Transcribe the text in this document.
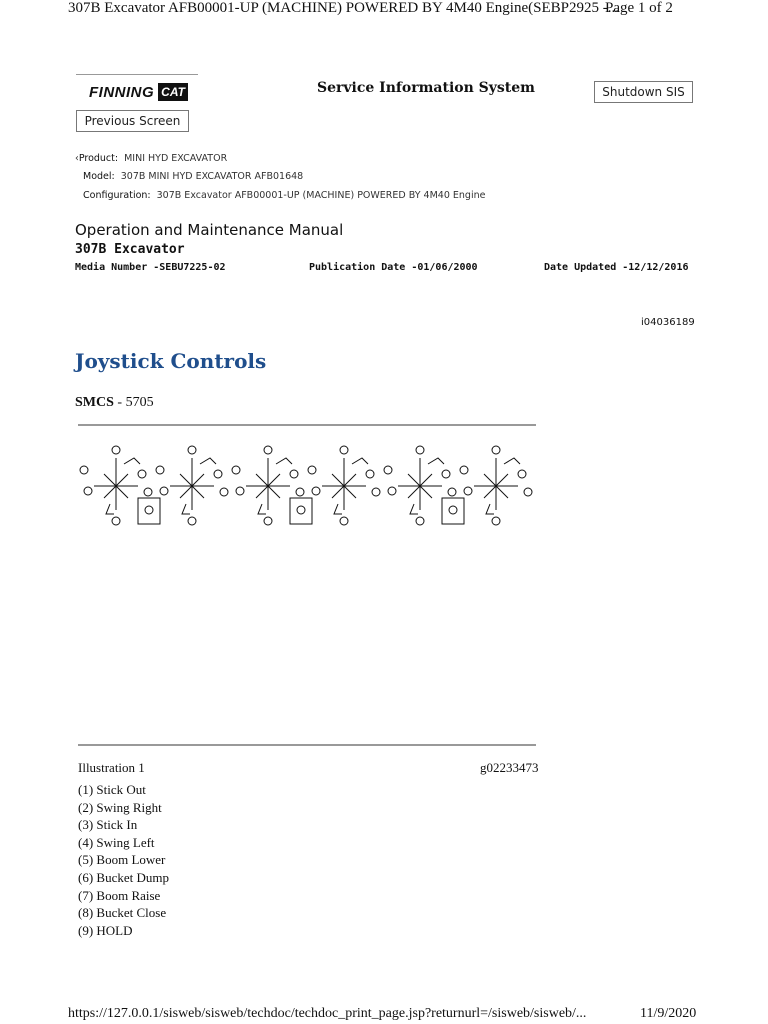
307B Excavator AFB00001-UP (MACHINE) POWERED BY 4M40 Engine(SEBP2925 -...
Page 1 of 2
FINNING CAT
Previous Screen
Service Information System	Shutdown SIS
‹Product: MINI HYD EXCAVATOR
Model: 307B MINI HYD EXCAVATOR AFB01648
Configuration: 307B Excavator AFB00001-UP (MACHINE) POWERED BY 4M40 Engine
Operation and Maintenance Manual
307B Excavator
Media Number -SEBU7225-02	Publication Date -01/06/2000	Date Updated -12/12/2016
i04036189
Joystick Controls
SMCS - 5705
Illustration 1	g02233473
(1) Stick Out
(2) Swing Right
(3) Stick In
(4) Swing Left
(5) Boom Lower
(6) Bucket Dump
(7) Boom Raise
(8) Bucket Close
(9) HOLD
https://127.0.0.1/sisweb/sisweb/techdoc/techdoc_print_page.jsp?returnurl=/sisweb/sisweb/...	11/9/2020
